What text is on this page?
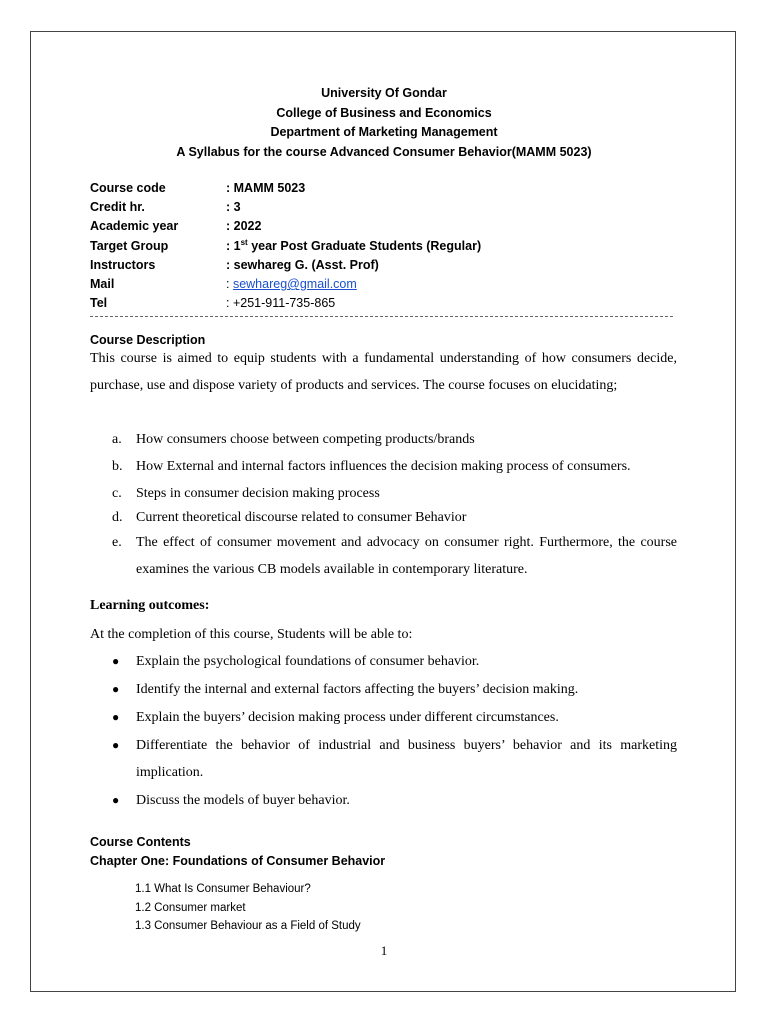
University Of Gondar
College of Business and Economics
Department of Marketing Management
A Syllabus for the course Advanced Consumer Behavior(MAMM 5023)
Course code	: MAMM 5023
Credit hr.	: 3
Academic year	: 2022
Target Group	: 1st year Post Graduate Students (Regular)
Instructors	: sewhareg G. (Asst. Prof)
Mail	: sewhareg@gmail.com
Tel	: +251-911-735-865
Course Description
This course is aimed to equip students with a fundamental understanding of how consumers decide, purchase, use and dispose variety of products and services. The course focuses on elucidating;
a.	How consumers choose between competing products/brands
b. How External and internal factors influences the decision making process of consumers.
c.	Steps in consumer decision making process
d. Current theoretical discourse related to consumer Behavior
e.	The effect of consumer movement and advocacy on consumer right. Furthermore, the course examines the various CB models available in contemporary literature.
Learning outcomes:
At the completion of this course, Students will be able to:
●	Explain the psychological foundations of consumer behavior.
●	Identify the internal and external factors affecting the buyers’ decision making.
●	Explain the buyers’ decision making process under different circumstances.
●	Differentiate the behavior of industrial and business buyers’ behavior and its marketing implication.
●	Discuss the models of buyer behavior.
Course Contents
Chapter One: Foundations of Consumer Behavior
1.1 What Is Consumer Behaviour?
1.2 Consumer market
1.3 Consumer Behaviour as a Field of Study
1
